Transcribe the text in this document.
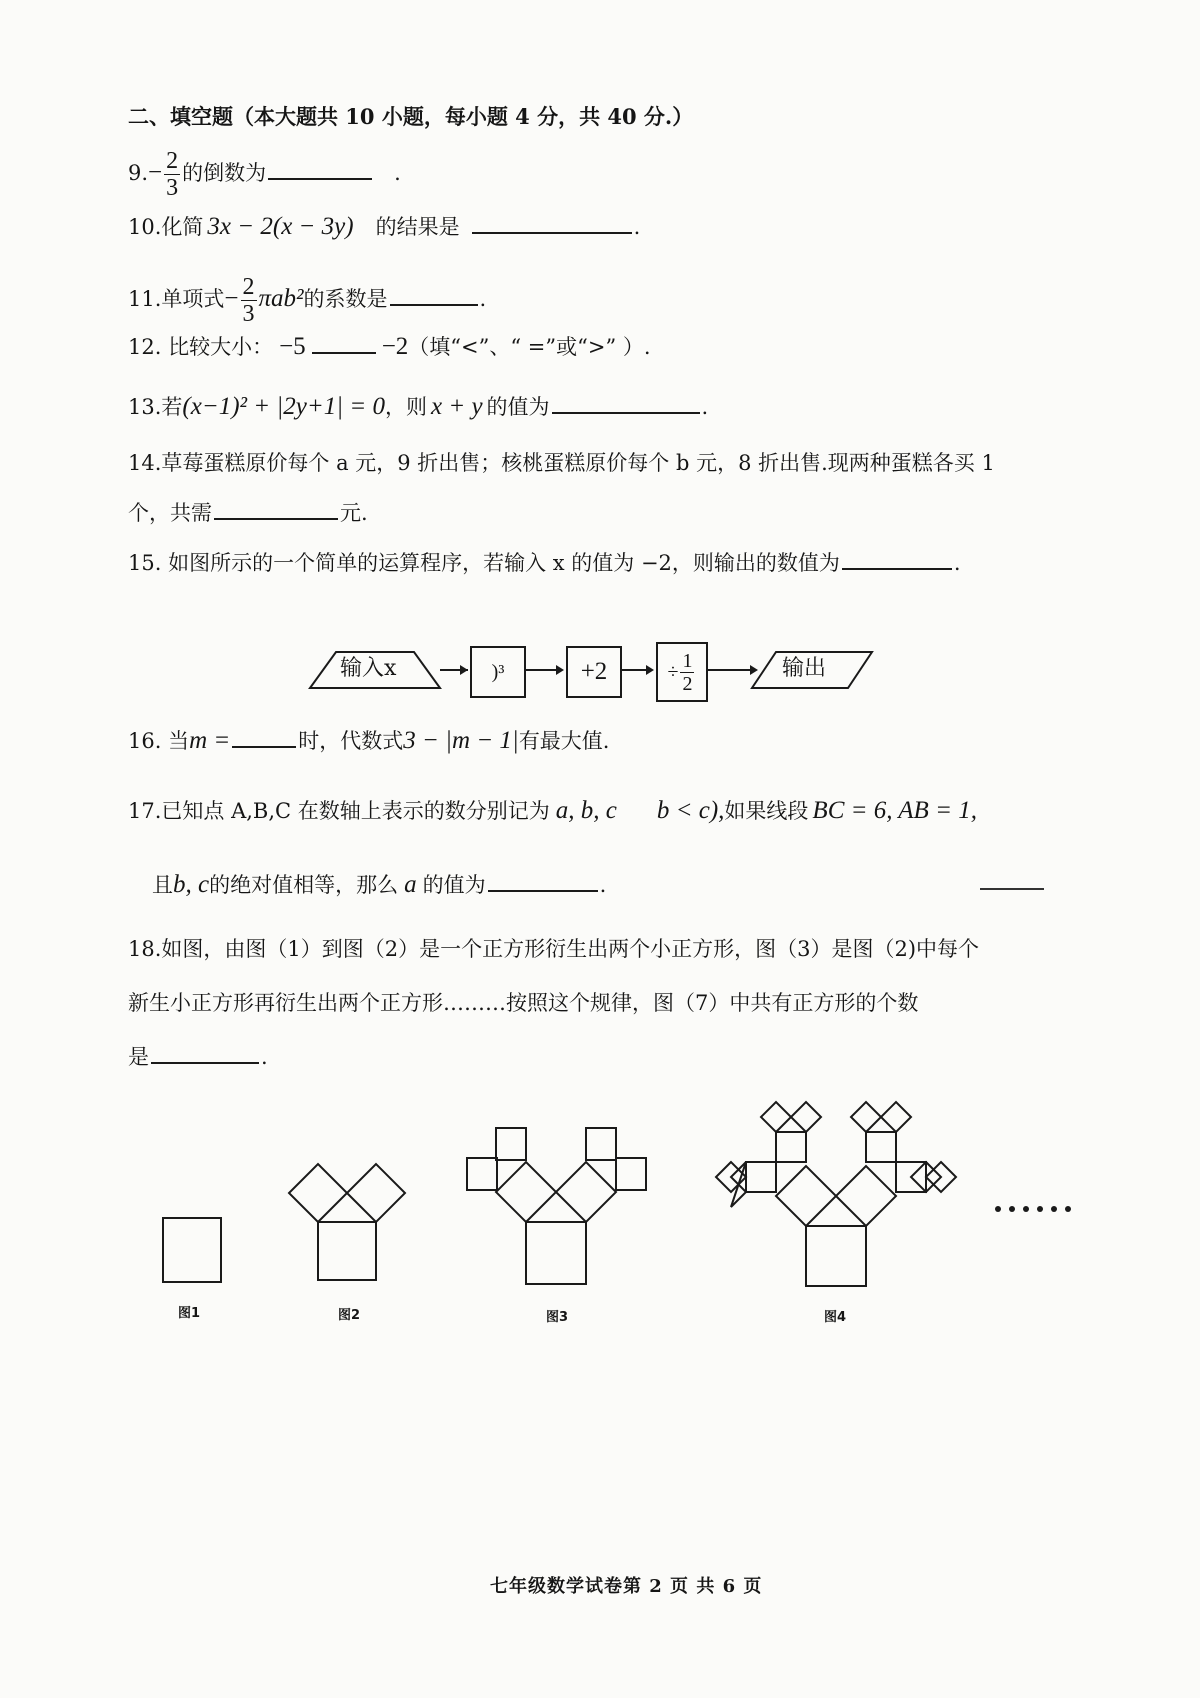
二、填空题（本大题共 10 小题，每小题 4 分，共 40 分.）
$9.- \frac{2}{3}$ 的倒数为	.
10.化简 3x − 2(x − 3y) 的结果是	.
11.单项式− $\frac{2}{3} \pi ab^2$的系数是	.
12. 比较大小： −5	−2（填“<”、“ =”或“>” ）.
13.若(x−1)² + |2y+1| = 0，则 x + y 的值为	.
14.草莓蛋糕原价每个 a 元，9 折出售；核桃蛋糕原价每个 b 元，8 折出售.现两种蛋糕各买 1
个，共需	元.
15. 如图所示的一个简单的运算程序，若输入 x 的值为 −2，则输出的数值为	.
输入x	)³	+2	÷ $\frac{1}{2}$	输出
16. 当m =	时，代数式3 − |m − 1|有最大值.
17.已知点 A,B,C 在数轴上表示的数分别记为 a, b, c b < c),如果线段 BC = 6, AB = 1,
且b, c的绝对值相等，那么 a 的值为	.
18.如图，由图（1）到图（2）是一个正方形衍生出两个小正方形，图（3）是图（2)中每个
新生小正方形再衍生出两个正方形………按照这个规律，图（7）中共有正方形的个数
是	.
图1	图2	图3	图4
七年级数学试卷第 2 页 共 6 页
